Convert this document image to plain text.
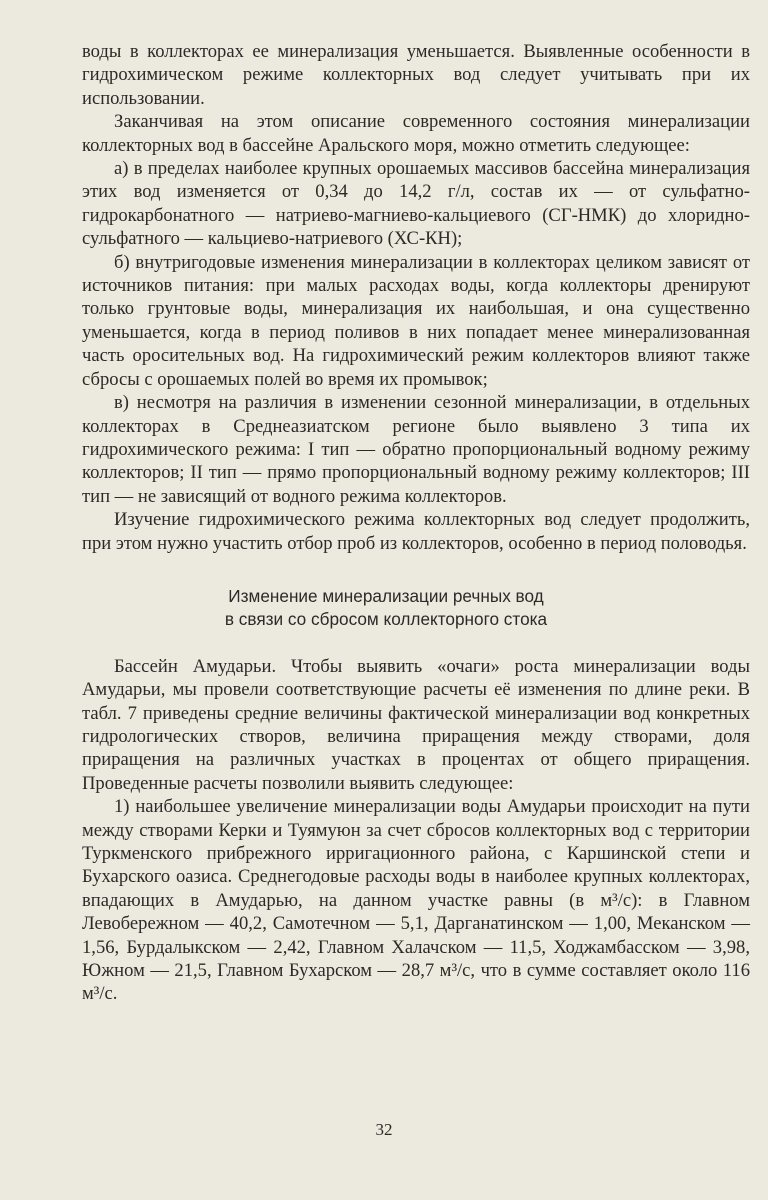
воды в коллекторах ее минерализация уменьшается. Выявленные особенности в гидрохимическом режиме коллекторных вод следует учитывать при их использовании.

Заканчивая на этом описание современного состояния минерализации коллекторных вод в бассейне Аральского моря, можно отметить следующее:

а) в пределах наиболее крупных орошаемых массивов бассейна минерализация этих вод изменяется от 0,34 до 14,2 г/л, состав их — от сульфатно-гидрокарбонатного — натриево-магниево-кальциевого (СГ-НМК) до хлоридно-сульфатного — кальциево-натриевого (ХС-КН);

б) внутригодовые изменения минерализации в коллекторах целиком зависят от источников питания: при малых расходах воды, когда коллекторы дренируют только грунтовые воды, минерализация их наибольшая, и она существенно уменьшается, когда в период поливов в них попадает менее минерализованная часть оросительных вод. На гидрохимический режим коллекторов влияют также сбросы с орошаемых полей во время их промывок;

в) несмотря на различия в изменении сезонной минерализации, в отдельных коллекторах в Среднеазиатском регионе было выявлено 3 типа их гидрохимического режима: I тип — обратно пропорциональный водному режиму коллекторов; II тип — прямо пропорциональный водному режиму коллекторов; III тип — не зависящий от водного режима коллекторов.

Изучение гидрохимического режима коллекторных вод следует продолжить, при этом нужно участить отбор проб из коллекторов, особенно в период половодья.

Изменение минерализации речных вод
в связи со сбросом коллекторного стока

Бассейн Амударьи. Чтобы выявить «очаги» роста минерализации воды Амударьи, мы провели соответствующие расчеты её изменения по длине реки. В табл. 7 приведены средние величины фактической минерализации вод конкретных гидрологических створов, величина приращения между створами, доля приращения на различных участках в процентах от общего приращения. Проведенные расчеты позволили выявить следующее:

1) наибольшее увеличение минерализации воды Амударьи происходит на пути между створами Керки и Туямуюн за счет сбросов коллекторных вод с территории Туркменского прибрежного ирригационного района, с Каршинской степи и Бухарского оазиса. Среднегодовые расходы воды в наиболее крупных коллекторах, впадающих в Амударью, на данном участке равны (в м³/с): в Главном Левобережном — 40,2, Самотечном — 5,1, Дарганатинском — 1,00, Меканском — 1,56, Бурдалыкском — 2,42, Главном Халачском — 11,5, Ходжамбасском — 3,98, Южном — 21,5, Главном Бухарском — 28,7 м³/с, что в сумме составляет около 116 м³/с.

32
